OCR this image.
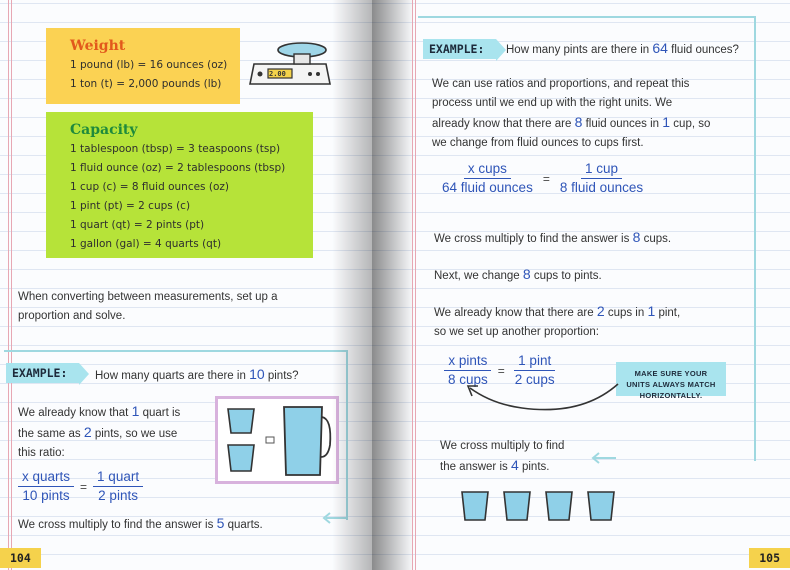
Weight
1 pound (lb) = 16 ounces (oz)
1 ton (t) = 2,000 pounds (lb)
2.00
Capacity
1 tablespoon (tbsp) = 3 teaspoons (tsp)
1 fluid ounce (oz) = 2 tablespoons (tbsp)
1 cup (c) = 8 fluid ounces (oz)
1 pint (pt) = 2 cups (c)
1 quart (qt) = 2 pints (pt)
1 gallon (gal) = 4 quarts (qt)
When converting between measurements, set up a
proportion and solve.
EXAMPLE:	How many quarts are there in 10 pints?
We already know that 1 quart is
the same as 2 pints, so we use
this ratio:
x quarts
10 pints
=
1 quart
2 pints
We cross multiply to find the answer is 5 quarts.
104
EXAMPLE:	How many pints are there in 64 fluid ounces?
We can use ratios and proportions, and repeat this
process until we end up with the right units. We
already know that there are 8 fluid ounces in 1 cup, so
we change from fluid ounces to cups first.
x cups
64 fluid ounces
=
1 cup
8 fluid ounces
We cross multiply to find the answer is 8 cups.
Next, we change 8 cups to pints.
We already know that there are 2 cups in 1 pint,
so we set up another proportion:
x pints
8 cups
=
1 pint
2 cups	MAKE SURE YOUR
UNITS ALWAYS MATCH
HORIZONTALLY.
We cross multiply to find
the answer is 4 pints.
105
